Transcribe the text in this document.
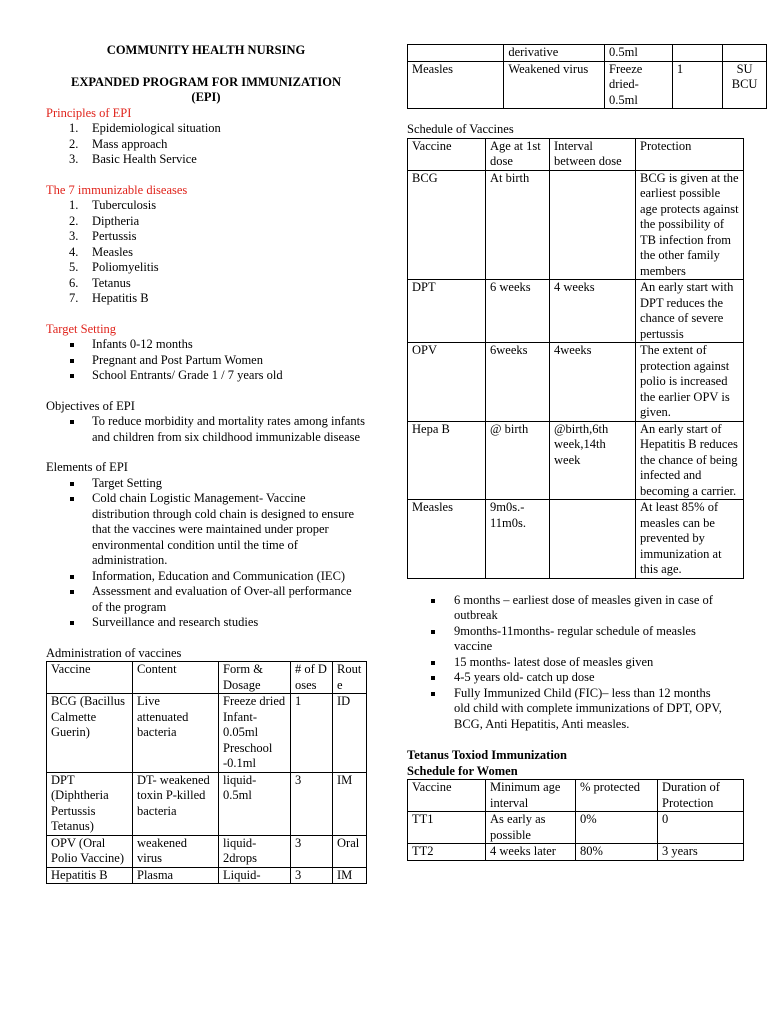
COMMUNITY HEALTH NURSING
EXPANDED PROGRAM FOR IMMUNIZATION
(EPI)
Principles of EPI
1. Epidemiological situation
2. Mass approach
3. Basic Health Service
The 7 immunizable diseases
1. Tuberculosis
2. Diptheria
3. Pertussis
4. Measles
5. Poliomyelitis
6. Tetanus
7. Hepatitis B
Target Setting
Infants 0-12 months
Pregnant and Post Partum Women
School Entrants/ Grade 1 / 7 years old
Objectives of EPI
To reduce morbidity and mortality rates among infants and children from six childhood immunizable disease
Elements of EPI
Target Setting
Cold chain Logistic Management- Vaccine distribution through cold chain is designed to ensure that the vaccines were maintained under proper environmental condition until the time of administration.
Information, Education and Communication (IEC)
Assessment and evaluation of Over-all performance of the program
Surveillance and research studies
Administration of vaccines
Vaccine	Content	Form & Dosage	# of Doses	Route
BCG (Bacillus Calmette Guerin)	Live attenuated bacteria	Freeze dried Infant- 0.05ml Preschool -0.1ml	1	ID
DPT (Diphtheria Pertussis Tetanus)	DT- weakened toxin P-killed bacteria	liquid- 0.5ml	3	IM
OPV (Oral Polio Vaccine)	weakened virus	liquid- 2drops	3	Oral
Hepatitis B	Plasma	Liquid-	3	IM
	derivative	0.5ml		
Measles	Weakened virus	Freeze dried- 0.5ml	1	SU BCU
Schedule of Vaccines
Vaccine	Age at 1st dose	Interval between dose	Protection
BCG	At birth		BCG is given at the earliest possible age protects against the possibility of TB infection from the other family members
DPT	6 weeks	4 weeks	An early start with DPT reduces the chance of severe pertussis
OPV	6weeks	4weeks	The extent of protection against polio is increased the earlier OPV is given.
Hepa B	@ birth	@birth,6th week,14th week	An early start of Hepatitis B reduces the chance of being infected and becoming a carrier.
Measles	9m0s.- 11m0s.		At least 85% of measles can be prevented by immunization at this age.
6 months – earliest dose of measles given in case of outbreak
9months-11months- regular schedule of measles vaccine
15 months- latest dose of measles given
4-5 years old- catch up dose
Fully Immunized Child (FIC)– less than 12 months old child with complete immunizations of DPT, OPV, BCG, Anti Hepatitis, Anti measles.
Tetanus Toxiod Immunization
Schedule for Women
Vaccine	Minimum age interval	% protected	Duration of Protection
TT1	As early as possible	0%	0
TT2	4 weeks later	80%	3 years
